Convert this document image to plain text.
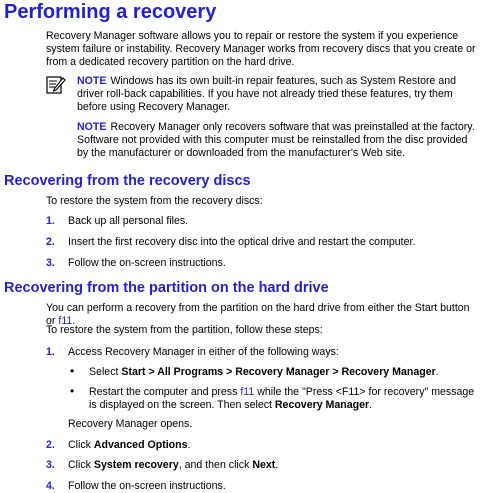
Performing a recovery
Recovery Manager software allows you to repair or restore the system if you experience system failure or instability. Recovery Manager works from recovery discs that you create or from a dedicated recovery partition on the hard drive.
NOTE Windows has its own built-in repair features, such as System Restore and driver roll-back capabilities. If you have not already tried these features, try them before using Recovery Manager.
NOTE Recovery Manager only recovers software that was preinstalled at the factory. Software not provided with this computer must be reinstalled from the disc provided by the manufacturer or downloaded from the manufacturer's Web site.
Recovering from the recovery discs
To restore the system from the recovery discs:
1. Back up all personal files.
2. Insert the first recovery disc into the optical drive and restart the computer.
3. Follow the on-screen instructions.
Recovering from the partition on the hard drive
You can perform a recovery from the partition on the hard drive from either the Start button or f11.
To restore the system from the partition, follow these steps:
1. Access Recovery Manager in either of the following ways:
• Select Start > All Programs > Recovery Manager > Recovery Manager.
• Restart the computer and press f11 while the "Press <F11> for recovery" message is displayed on the screen. Then select Recovery Manager.
Recovery Manager opens.
2. Click Advanced Options.
3. Click System recovery, and then click Next.
4. Follow the on-screen instructions.
